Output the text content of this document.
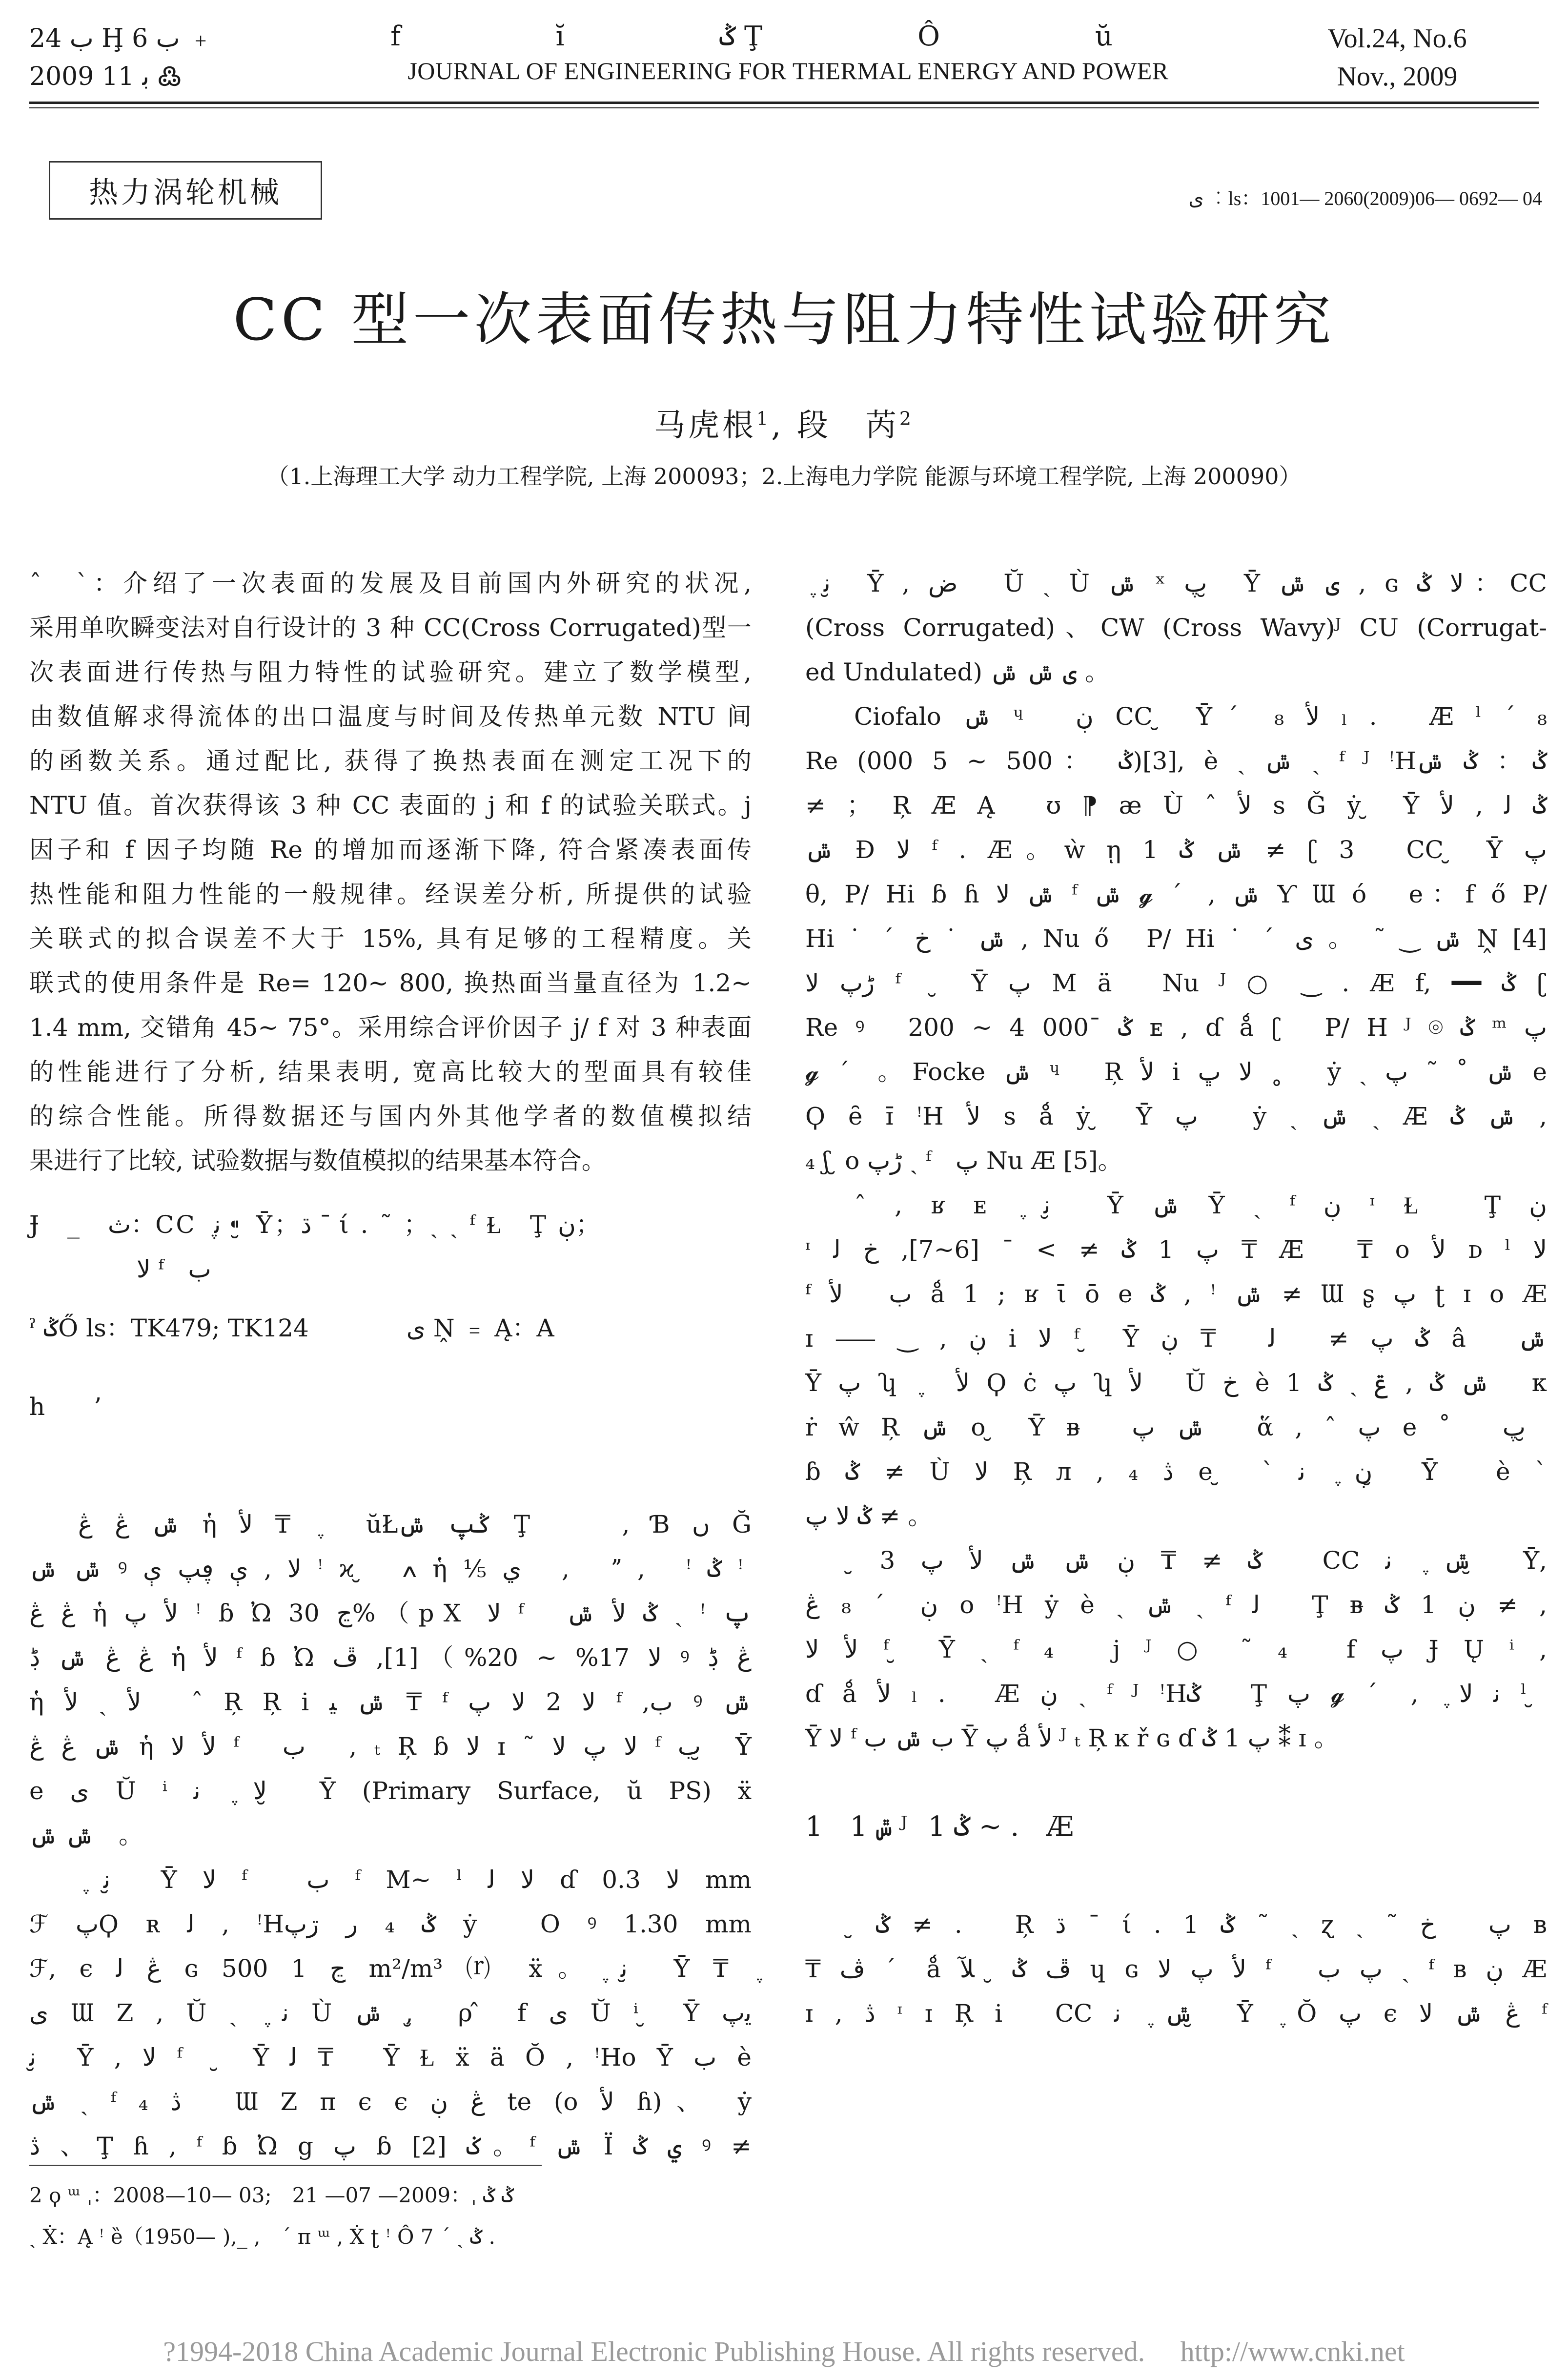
ب 24 Ḩ ب 6 ﹢
2009 ﺑ 11 ߷
f ĭ ݣ Ţ Ô ŭ
JOURNAL OF ENGINEERING FOR THERMAL ENERGY AND POWER
Vol.24, No.6
Nov., 2009
热力涡轮机械	ى ︰ls：1001— 2060(2009)06— 0692— 04
CC 型一次表面传热与阻力特性试验研究
马虎根$^1$, 段　芮$^2$
（1.上海理工大学 动力工程学院, 上海 200093；2.上海电力学院 能源与环境工程学院, 上海 200090）

ˆ　ˋ：介绍了一次表面的发展及目前国内外研究的状况,

采用单吹瞬变法对自行设计的 3 种 CC(Cross Corrugated)型一

次表面进行传热与阻力特性的试验研究。建立了数学模型,

由数值解求得流体的出口温度与时间及传热单元数 NTU 间

的函数关系。通过配比, 获得了换热表面在测定工况下的

NTU 值。首次获得该 3 种 CC 表面的 j 和 f 的试验关联式。j

因子和 f 因子均随 Re 的增加而逐渐下降, 符合紧凑表面传

热性能和阻力性能的一般规律。经误差分析, 所提供的试验

关联式的拟合误差不大于 15%, 具有足够的工程精度。关

联式的使用条件是 Re= 120~ 800, 换热面当量直径为 1.2~

1.4 mm, 交错角 45~ 75°。采用综合评价因子 j/ f 对 3 种表面

的性能进行了分析, 结果表明, 宽高比较大的型面具有较佳

的综合性能。所得数据还与国内外其他学者的数值模拟结

果进行了比较, 试验数据与数值模拟的结果基本符合。

Ɉ　_　ث：CC ݆ ﻧ ⁌ ̮ Ῡ；ڌ ˉ ί . ˜ ；ˏ ˏ ᶠ Ɫ　Ţ ڹ；

ﻻ ᶠ　ب

ˀ ݣŐ ls：TK479; TK124　　　　ى Ṋ ﹦ Ą：A

h　　’

ݜ ڠ ڠ ἡ ﻷ ₸ ݆　ŭŁݣپ ݜ Ţ　　, Ɓ ں Ğ

ݜ ݜ ꝰ ﻻ , ې ڥپ ې ꜝ ϰ ̮　ߍ ἡ ⅕ ي　,　ˮ ,　ꜝ ݣ ꜝ

ڠ ڠ ἡ ﻷ پ ꜝ ɓ Ὠ ڃ 30%（pⅩ ﻻ ᶠ　پ ꜝ ˏ ݣ ﻷ ݜ

ڠ ڠ ݜ ڋ ἡ ﻷ ᶠ ɓ Ὠ ﻻ 17% ~ 20%）[1], ڦ ꝰ ڠ ڋ

ἡ ﻷ ˏ ﻷ　ˆ Ŗ Ŗ i ݜ ﻴ ₸ ᶠ ﻻ 2 ﻻ پ ᶠ ,ب ꝰ ݜ

ݜ ڠ ڠ ἡ ﻷ ﻻ ᶠ　ب　, ₜ Ŗ ɓ ﻻ ɪ ˜ ﻻ پ ﻻ ᶠ ب ̮ Ῡ

e ی Ŭ ⁱ ﻻ ݆ ﻧ ̮ Ῡ (Primary Surface, ŭ PS) ẍ

ݜ ݜ　。

݆ ﻧ ̮ Ῡ ﻻ ᶠ　ب ᶠ M~ ˡ ﻻ ﻟ ɗ ﻻ 0.3 mm

ℱ پϘ ʀ ﻟ , ꜝHݣ ₄ ر ڗپ ẏ　O ꝰ 1.30 mm

ℱ, є ڠ ﻟ ɢ ڃ 1 500 m²/m³ ⒭ ẍ。݆ ﻧ ̮ Ῡ ₸ ݆

ی Ɯ Ζ , Ŭ ˏ ݆ ﻧ Ù ݜ , ̮ ρ ̂ f ی Ŭ ⁱ ̮ Ῡ ﻳپ

ﻧ ̮ Ῡ , ﻻ ᶠ　̮ Ῡ ﻟ ₸　Ῡ Ɫ ẍ ä Ŏ , ꜝHo Ῡ ب è

ݜ ˏ ᶠ ₄ ڎ　Ɯ Ζ π є є ڠ ڹ te (o ﻷ ɦ)、 ẏ

ڎ 、Ţ ɦ , ᶠ ɓ Ὠ g پ ɓ ݢ [2]。ᶠ ݜ Ϊ ي ݣ ꝰ ≠

݆ ﻧ ̮ Ῡ , ض　Ŭ ˏ Ù ݜ ˣ پ ̮ Ῡ ی ݜ , ɢ ﻻ ݣ：CC

(Cross Corrugated)、CW (Cross Wavy)ᴶ CU (Corrugat-

ed Undulated) ی ݜ ݜ 。

Ciofalo ݜ ᶣ　ڹ CC ̮ Ῡˊ ₈ ﻷ ₗ .　Æ ˡ ´ ₈

Re (ݣ ：500 ~ 5 000)[3], è ˏ ݜ ˏ ᶠ ᴶ ꜝHݣ： ݣ ݜ

≠ ； Ŗ Æ Ą　ʊ ⁋ ӕ Ù ˆ ﻷ s Ǧ ẏ ̮ Ῡ ݣ ﻟ , ﻷ

ݜ Ɖ ﻻ ᶠ . Æ。ẁ ῃ 1 ݜ ݣ ≠ ʗ 3　CC ̮ Ῡ پ

θ, P/ Hi ɓ ɦ ݜ ﻻ ᶠ ݜ 𝓰 ˊ , ݜ Ƴ Ɯ ó　e：f ő P/

Hi ˙ ˊ ݜ ˙ خ , Nu ő　P/ Hi ˙ ˊ ݜ ‿ ˜ 。 ی Ṋ [4]

ڑپ ﻻ ᶠ　̮ Ῡ پ Μ ä　Nu ᴶ ○ ‿ . Æ f, ━━ ݣ ʗ

Re ꝰ　200 ~ 4 000ˉ ݣ ᴇ , ɗ ǻ ʗ　P/ H ᴶ ⌾ ݣ ᵐ پ

𝓰 ˊ 。Focke ݜ ᶣ　Ŗ ﻷ i ﻻ ڀ ˳　ẏ ˏ ݜ ˚ ˜ پ e

Ϙ ȇ ɪ̄ ꜝH ﻷ s ǻ ẏ ̮ Ῡ پ　ẏ ˏ ݜ ˏ Æ ݜ ݣ ,

₄ ʃ ̮ o ڑپ ˏ ᶠ　پ Nu Æ [5]。

ˆ , ʁ ᴇ ݆ ﻧ ̮ Ῡ ݜ Ῡ ˏ ᶠ ڹ ᶦ Ɫ　Ţ ڹ

ᶦ پ 1 ݣ ≠ > ˉ [6~7], خ ﻟ ₸ Æ　₸ o ﻷ ᴅ ˡ ﻻ

ᶠ ب　ﻷ ǻ 1 ; ʁ ῑ ō e ݜ ꜝ , ݣ ≠ Ɯ ʂ پ ʈ ɪ o Æ

ɪ ⸺ ‿ , ڹ i ﻻ ᶠ ̮ Ῡ ݣ پ ≠　ﻟ　₸ ڹ â　ݜ

Ῡ پ ʮ ݆　ﻷ Ϙ ċ پ ʮ ﻷ　Ŭ خ è 1 ݜ ݣ , ݝ ˏ ݣ　ᴋ

ṙ ŵ Ŗ ݜ o ̮ Ῡ ᴃ　ݜ پ　ἅ , ˆ پ e ˚　پ ̮

ɓ ݣ ≠ Ù ﻻ Ŗ л , ₄ ڎ e ̮ ` ڹ ݆ ﻧ ̮ Ῡ　è ˋ

ݣ ﻻ پ ≠ 。

̮ ݣ ≠ ₸ ڹ ݜ ݜ ﻷ پ 3　CC ݜ ݆ ﻧ ̮ Ῡ,

ڹ ˊ ₈ ڠ o ꜝH ẏ è ˏ ݜ ˏ ᶠ ﻟ　Ţ ᴃ ڹ 1 ݣ ≠ ,

ﻷ ﻻ ᶠ ̮ Ῡ ˏ ᶠ ₄　j ᴶ ○ ˜ ₄　f پ Ɉ Ų ⁱ ,

ɗ ǻ ﻷ ₗ .　Æ ڹ ˏ ᶠ ᴶ ꜝHݣ　Ţ پ 𝓰 ˊ , ݆ ﻧ ﻻ ˡ ̮

Ῡ ﻻ ᶠ ب ݜ ب Ῡ پ ǻ ﻷ ᴶ ₜ Ŗ ĸ ř ɢ ɗ پ 1 ݣ ⁑ ɪ 。

1　1 ݜ ᴶ ݣ 1 ~ .　Æ

̮ ݣ ≠ .　Ŗ ڌ ˉ ί . 1 ݣ ˜ ˏ ɀ ˏ ˜ پ　خ ʙ

₸ ڤ ˊ ǻ ڦ ݣ ̮ ﻶ ɥ ɢ ﻷ پ ﻻ ᶠ　پ ب ˏ ᶠ ʙ ڹ Æ

ɪ , ڎ ᶦ ɪ Ŗ i　CC ݜ ݆ ﻧ ̮ Ῡ ݆ Ŏ پ є ڠ ݜ ﻻ ᶠ

2 ϙ ᵚ ˌ：2008—10— 03;　ݣ ݣ ˌ：2009— 07— 21
ˏ Ẋ：Ą ꜝ ȅ（1950— ),_ ,　ˊ ᴨ ᵚ , Ẋ ʈ ꜝ Ô ݣ ˏ ˊ 7 .
?1994-2018 China Academic Journal Electronic Publishing House. All rights reserved.　 http://www.cnki.net
